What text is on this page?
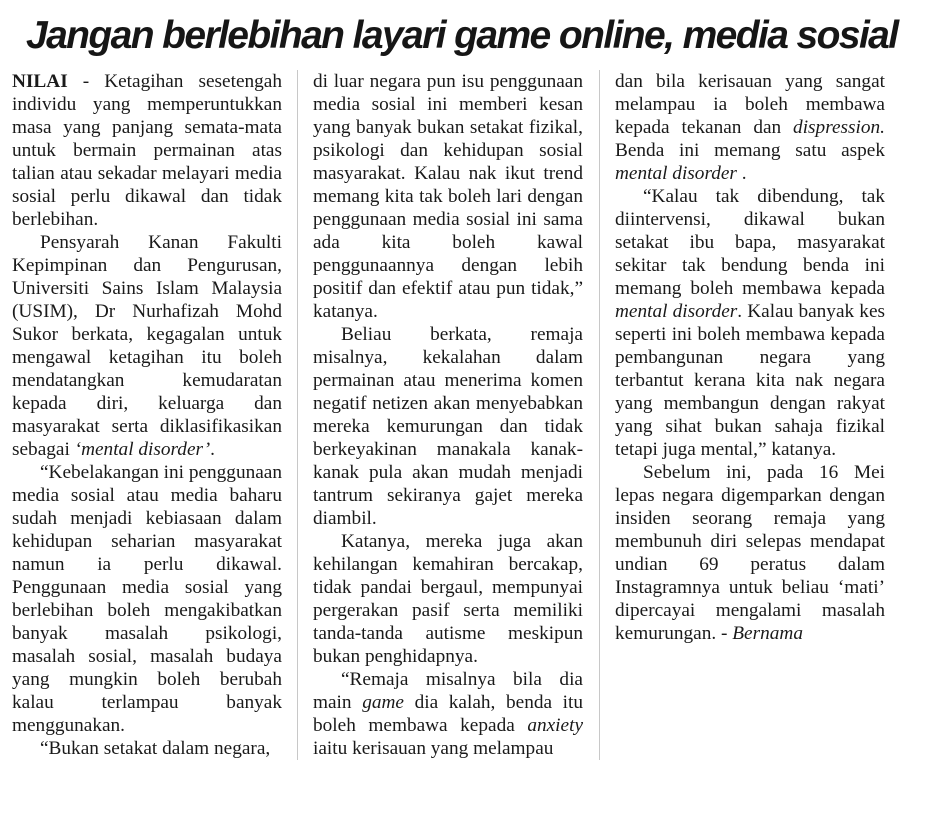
Jangan berlebihan layari game online, media sosial

NILAI - Ketagihan sesetengah individu yang memperuntukkan masa yang panjang semata-mata untuk bermain permainan atas talian atau sekadar melayari media sosial perlu dikawal dan tidak berlebihan.

Pensyarah Kanan Fakulti Kepimpinan dan Pengurusan, Universiti Sains Islam Malaysia (USIM), Dr Nurhafizah Mohd Sukor berkata, kegagalan untuk mengawal ketagihan itu boleh mendatangkan kemudaratan kepada diri, keluarga dan masyarakat serta diklasifikasikan sebagai ‘mental disorder’.

“Kebelakangan ini penggunaan media sosial atau media baharu sudah menjadi kebiasaan dalam kehidupan seharian masyarakat namun ia perlu dikawal. Penggunaan media sosial yang berlebihan boleh mengakibatkan banyak masalah psikologi, masalah sosial, masalah budaya yang mungkin boleh berubah kalau terlampau banyak menggunakan.

“Bukan setakat dalam negara,

di luar negara pun isu penggunaan media sosial ini memberi kesan yang banyak bukan setakat fizikal, psikologi dan kehidupan sosial masyarakat. Kalau nak ikut trend memang kita tak boleh lari dengan penggunaan media sosial ini sama ada kita boleh kawal penggunaannya dengan lebih positif dan efektif atau pun tidak,” katanya.

Beliau berkata, remaja misalnya, kekalahan dalam permainan atau menerima komen negatif netizen akan menyebabkan mereka kemurungan dan tidak berkeyakinan manakala kanak-kanak pula akan mudah menjadi tantrum sekiranya gajet mereka diambil.

Katanya, mereka juga akan kehilangan kemahiran bercakap, tidak pandai bergaul, mempunyai pergerakan pasif serta memiliki tanda-tanda autisme meskipun bukan penghidapnya.

“Remaja misalnya bila dia main game dia kalah, benda itu boleh membawa kepada anxiety iaitu kerisauan yang melampau

dan bila kerisauan yang sangat melampau ia boleh membawa kepada tekanan dan dispression. Benda ini memang satu aspek mental disorder .

“Kalau tak dibendung, tak diintervensi, dikawal bukan setakat ibu bapa, masyarakat sekitar tak bendung benda ini memang boleh membawa kepada mental disorder. Kalau banyak kes seperti ini boleh membawa kepada pembangunan negara yang terbantut kerana kita nak negara yang membangun dengan rakyat yang sihat bukan sahaja fizikal tetapi juga mental,” katanya.

Sebelum ini, pada 16 Mei lepas negara digemparkan dengan insiden seorang remaja yang membunuh diri selepas mendapat undian 69 peratus dalam Instagramnya untuk beliau ‘mati’ dipercayai mengalami masalah kemurungan. - Bernama
